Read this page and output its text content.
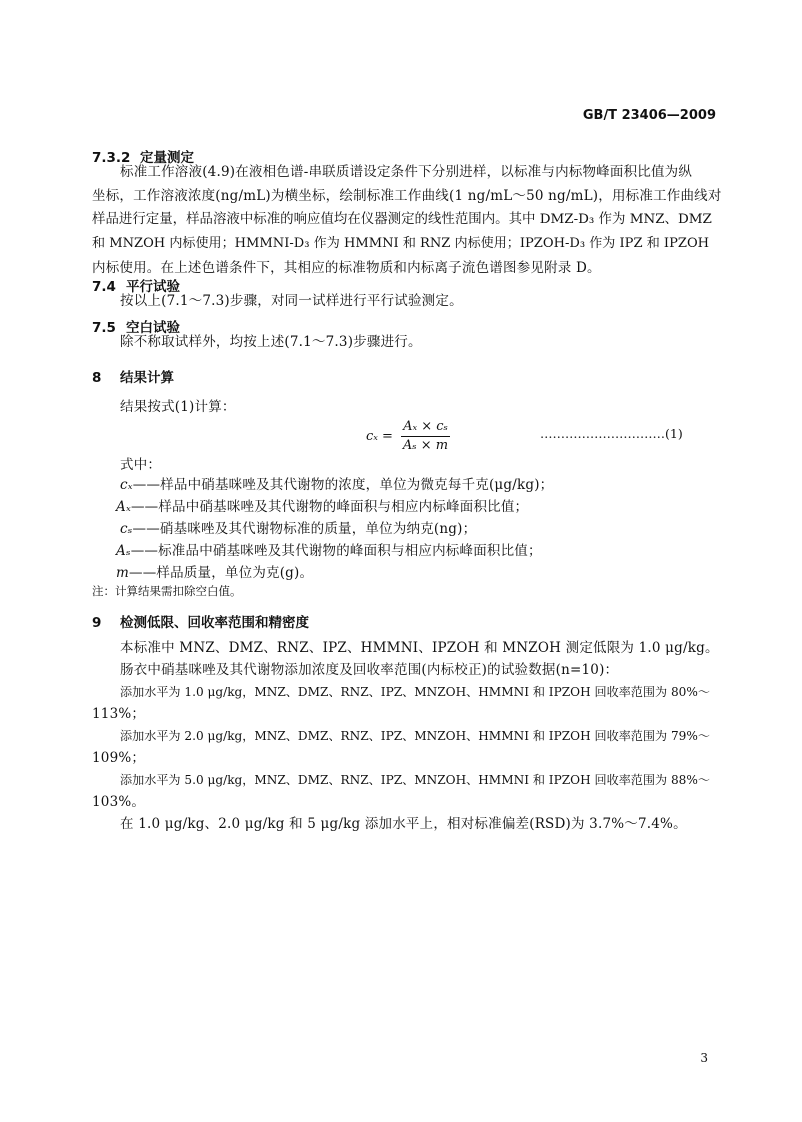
GB/T 23406—2009
7.3.2 定量测定
标准工作溶液(4.9)在液相色谱-串联质谱设定条件下分别进样，以标准与内标物峰面积比值为纵
坐标，工作溶液浓度(ng/mL)为横坐标，绘制标准工作曲线(1 ng/mL～50 ng/mL)，用标准工作曲线对
样品进行定量，样品溶液中标准的响应值均在仪器测定的线性范围内。其中 DMZ-D₃ 作为 MNZ、DMZ
和 MNZOH 内标使用；HMMNI-D₃ 作为 HMMNI 和 RNZ 内标使用；IPZOH-D₃ 作为 IPZ 和 IPZOH
内标使用。在上述色谱条件下，其相应的标准物质和内标离子流色谱图参见附录 D。
7.4 平行试验
按以上(7.1～7.3)步骤，对同一试样进行平行试验测定。
7.5 空白试验
除不称取试样外，均按上述(7.1～7.3)步骤进行。
8 结果计算
结果按式(1)计算：
$c_x = \frac{\text{Aₓ × cₛ}}{\text{Aₛ × m}}$	…………………………(1)
式中：
cₓ——样品中硝基咪唑及其代谢物的浓度，单位为微克每千克(μg/kg)；
Aₓ——样品中硝基咪唑及其代谢物的峰面积与相应内标峰面积比值；
cₛ——硝基咪唑及其代谢物标准的质量，单位为纳克(ng)；
Aₛ——标准品中硝基咪唑及其代谢物的峰面积与相应内标峰面积比值；
m——样品质量，单位为克(g)。
注：计算结果需扣除空白值。
9 检测低限、回收率范围和精密度
本标准中 MNZ、DMZ、RNZ、IPZ、HMMNI、IPZOH 和 MNZOH 测定低限为 1.0 μg/kg。
肠衣中硝基咪唑及其代谢物添加浓度及回收率范围(内标校正)的试验数据(n=10)：
添加水平为 1.0 μg/kg，MNZ、DMZ、RNZ、IPZ、MNZOH、HMMNI 和 IPZOH 回收率范围为 80%～
113%；
添加水平为 2.0 μg/kg，MNZ、DMZ、RNZ、IPZ、MNZOH、HMMNI 和 IPZOH 回收率范围为 79%～
109%；
添加水平为 5.0 μg/kg，MNZ、DMZ、RNZ、IPZ、MNZOH、HMMNI 和 IPZOH 回收率范围为 88%～
103%。
在 1.0 μg/kg、2.0 μg/kg 和 5 μg/kg 添加水平上，相对标准偏差(RSD)为 3.7%～7.4%。
3
